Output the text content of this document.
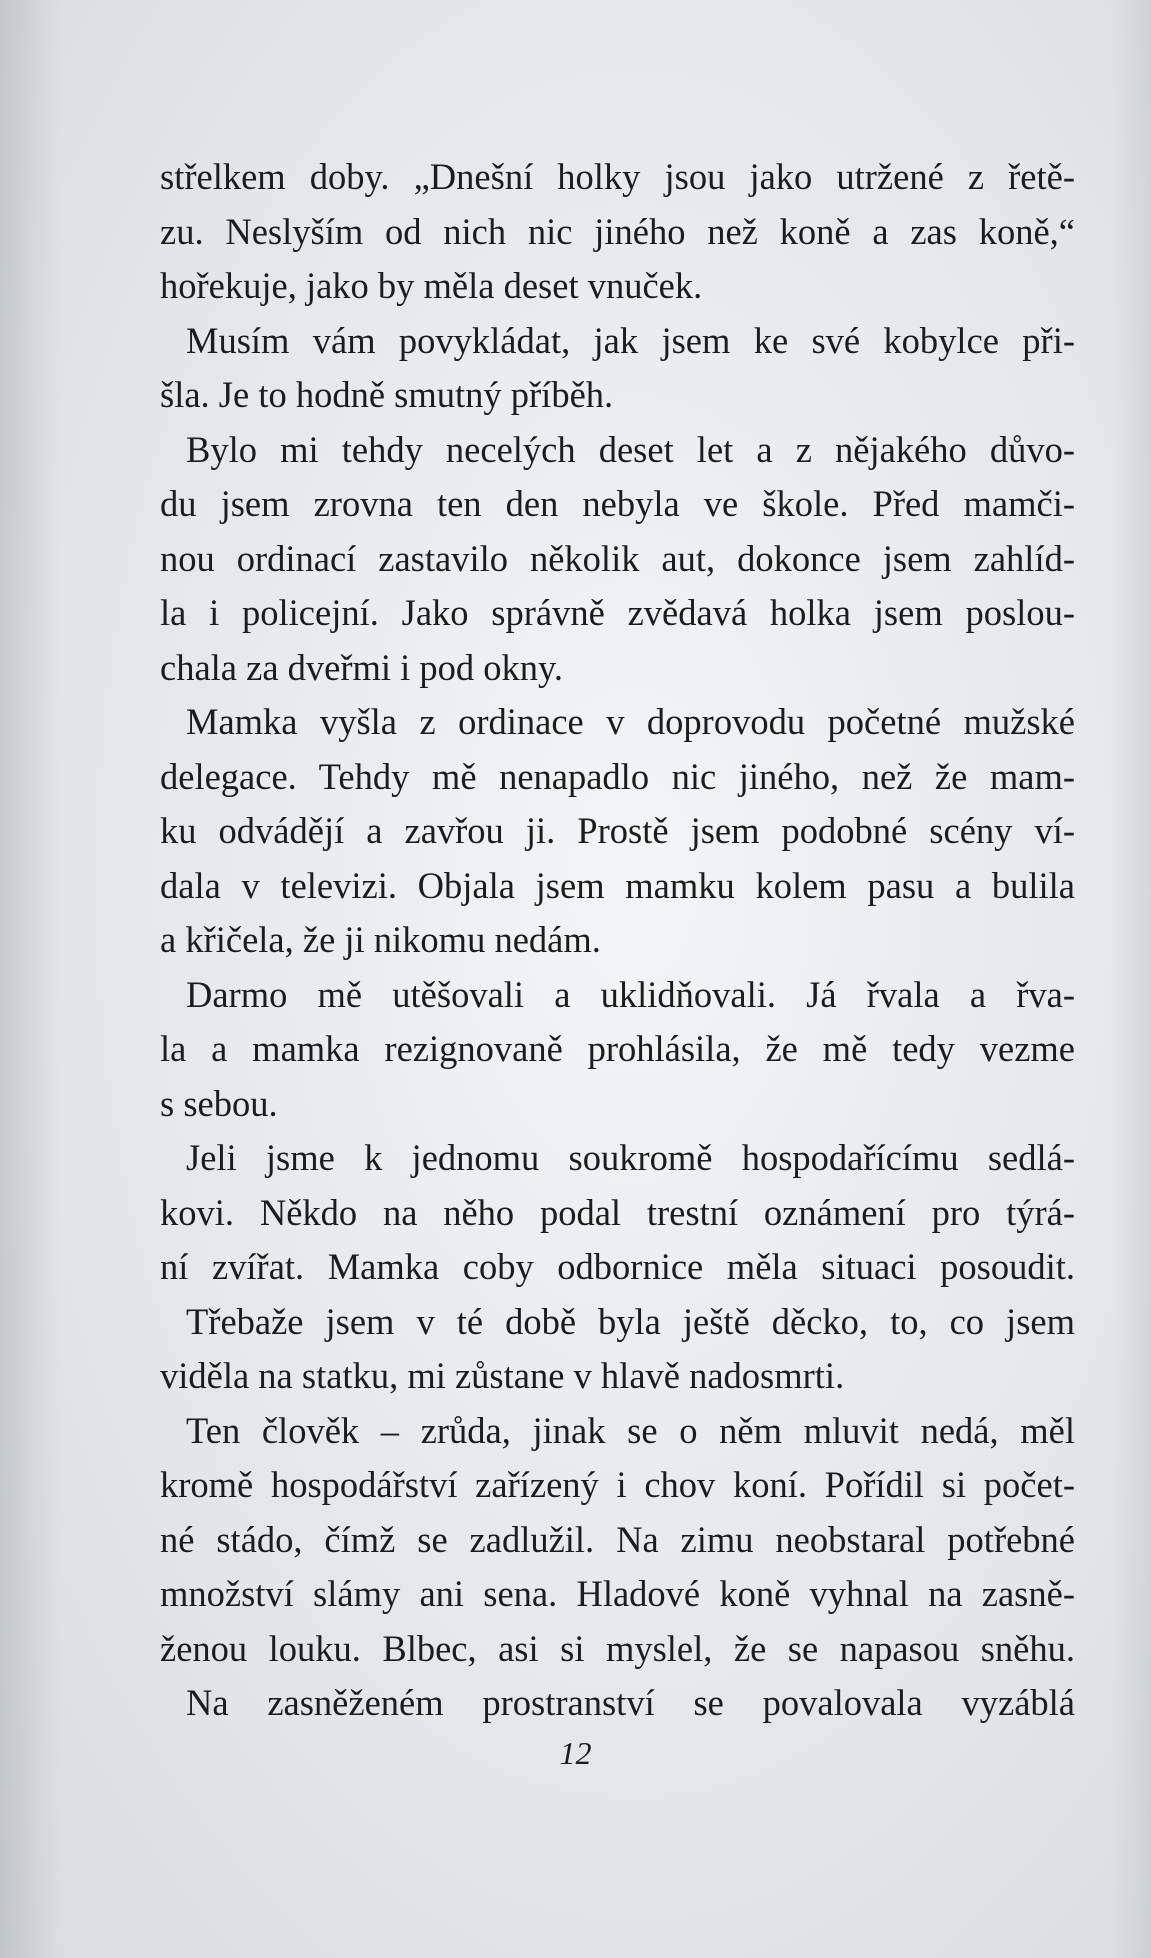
střelkem doby. „Dnešní holky jsou jako utržené z řetě-
zu. Neslyším od nich nic jiného než koně a zas koně,“
hořekuje, jako by měla deset vnuček.
Musím vám povykládat, jak jsem ke své kobylce při-
šla. Je to hodně smutný příběh.
Bylo mi tehdy necelých deset let a z nějakého důvo-
du jsem zrovna ten den nebyla ve škole. Před mamči-
nou ordinací zastavilo několik aut, dokonce jsem zahlíd-
la i policejní. Jako správně zvědavá holka jsem poslou-
chala za dveřmi i pod okny.
Mamka vyšla z ordinace v doprovodu početné mužské
delegace. Tehdy mě nenapadlo nic jiného, než že mam-
ku odvádějí a zavřou ji. Prostě jsem podobné scény ví-
dala v televizi. Objala jsem mamku kolem pasu a bulila
a křičela, že ji nikomu nedám.
Darmo mě utěšovali a uklidňovali. Já řvala a řva-
la a mamka rezignovaně prohlásila, že mě tedy vezme
s sebou.
Jeli jsme k jednomu soukromě hospodařícímu sedlá-
kovi. Někdo na něho podal trestní oznámení pro týrá-
ní zvířat. Mamka coby odbornice měla situaci posoudit.
Třebaže jsem v té době byla ještě děcko, to, co jsem
viděla na statku, mi zůstane v hlavě nadosmrti.
Ten člověk – zrůda, jinak se o něm mluvit nedá, měl
kromě hospodářství zařízený i chov koní. Pořídil si počet-
né stádo, čímž se zadlužil. Na zimu neobstaral potřebné
množství slámy ani sena. Hladové koně vyhnal na zasně-
ženou louku. Blbec, asi si myslel, že se napasou sněhu.
Na zasněženém prostranství se povalovala vyzáblá
12
